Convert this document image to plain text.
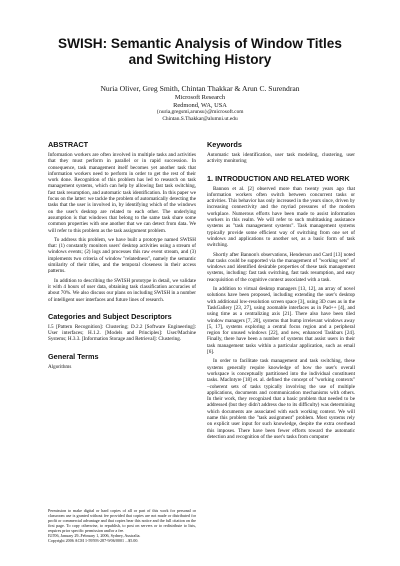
SWISH: Semantic Analysis of Window Titles
and Switching History
Nuria Oliver, Greg Smith, Chintan Thakkar & Arun C. Surendran
Microsoft Research
Redmond, WA, USA
{nuria,gregsmi,arunsu}@microsoft.com
Chintan.S.Thakkar@alumni.ut.edu
ABSTRACT

Information workers are often involved in multiple tasks and activities that they must perform in parallel or in rapid succession. In consequence, task management itself becomes yet another task that information workers need to perform in order to get the rest of their work done. Recognition of this problem has led to research on task management systems, which can help by allowing fast task switching, fast task resumption, and automatic task identification. In this paper we focus on the latter: we tackle the problem of automatically detecting the tasks that the user is involved in, by identifying which of the windows on the user's desktop are related to each other. The underlying assumption is that windows that belong to the same task share some common properties with one another that we can detect from data. We will refer to this problem as the task assignment problem.

To address this problem, we have built a prototype named SWISH that: (1) constantly monitors users' desktop activities using a stream of windows events; (2) logs and processes this raw event stream, and (3) implements two criteria of window "relatedness", namely the semantic similarity of their titles, and the temporal closeness in their access patterns.

In addition to describing the SWISH prototype in detail, we validate it with 4 hours of user data, obtaining task classification accuracies of about 70%. We also discuss our plans on including SWISH in a number of intelligent user interfaces and future lines of research.

Categories and Subject Descriptors

I.5 [Pattern Recognition]: Clustering; D.2.2 [Software Engineering]: User interfaces; H.1.2. [Models and Principles]: User/Machine Systems; H.3.3. [Information Storage and Retrieval]: Clustering.

General Terms

Algorithms

Permission to make digital or hard copies of all or part of this work for personal or classroom use is granted without fee provided that copies are not made or distributed for profit or commercial advantage and that copies bear this notice and the full citation on the first page. To copy otherwise, to republish, to post on servers or to redistribute to lists, requires prior specific permission and/or a fee.
IUI'06, January 29–February 1, 2006, Sydney, Australia.
Copyright 2006 ACM 1-59593-287-9/06/0001 ...$5.00.
Keywords

Automatic task identification, user task modeling, clustering, user activity monitoring

1. INTRODUCTION AND RELATED WORK

Bannon et al. [2] observed more than twenty years ago that information workers often switch between concurrent tasks or activities. This behavior has only increased in the years since, driven by increasing connectivity and the myriad pressures of the modern workplace. Numerous efforts have been made to assist information workers in this realm. We will refer to such multitasking assistance systems as "task management systems". Task management systems typically provide some efficient way of switching from one set of windows and applications to another set, as a basic form of task switching.

Shortly after Bannon's observations, Henderson and Card [13] noted that tasks could be supported via the management of "working sets" of windows and identified desirable properties of these task management systems, including: fast task switching, fast task resumption, and easy reacquisition of the cognitive context associated with a task.

In addition to virtual desktop managers [13, 12], an array of novel solutions have been proposed, including extending the user's desktop with additional low-resolution screen space [3], using 3D cues as in the TaskGallery [23, 27], using zoomable interfaces as in Pad++ [4], and using time as a centralizing axis [21]. There also have been tiled window managers [7, 20], systems that bump irrelevant windows away [5, 17], systems exploring a central focus region and a peripheral region for unused windows [22], and new, enhanced Taskbars [24]. Finally, there have been a number of systems that assist users in their task management tasks within a particular application, such as email [6].

In order to facilitate task management and task switching, these systems generally require knowledge of how the user's overall workspace is conceptually partitioned into the individual constituent tasks. MacIntyre [18] et. al. defined the concept of "working contexts" –coherent sets of tasks typically involving the use of multiple applications, documents and communication mechanisms with others. In their work, they recognized that a basic problem that needed to be addressed (but they didn't address due to its difficulty) was determining which documents are associated with each working context. We will name this problem the "task assignment" problem. Most systems rely on explicit user input for such knowledge, despite the extra overhead this imposes. There have been fewer efforts toward the automatic detection and recognition of the user's tasks from computer
